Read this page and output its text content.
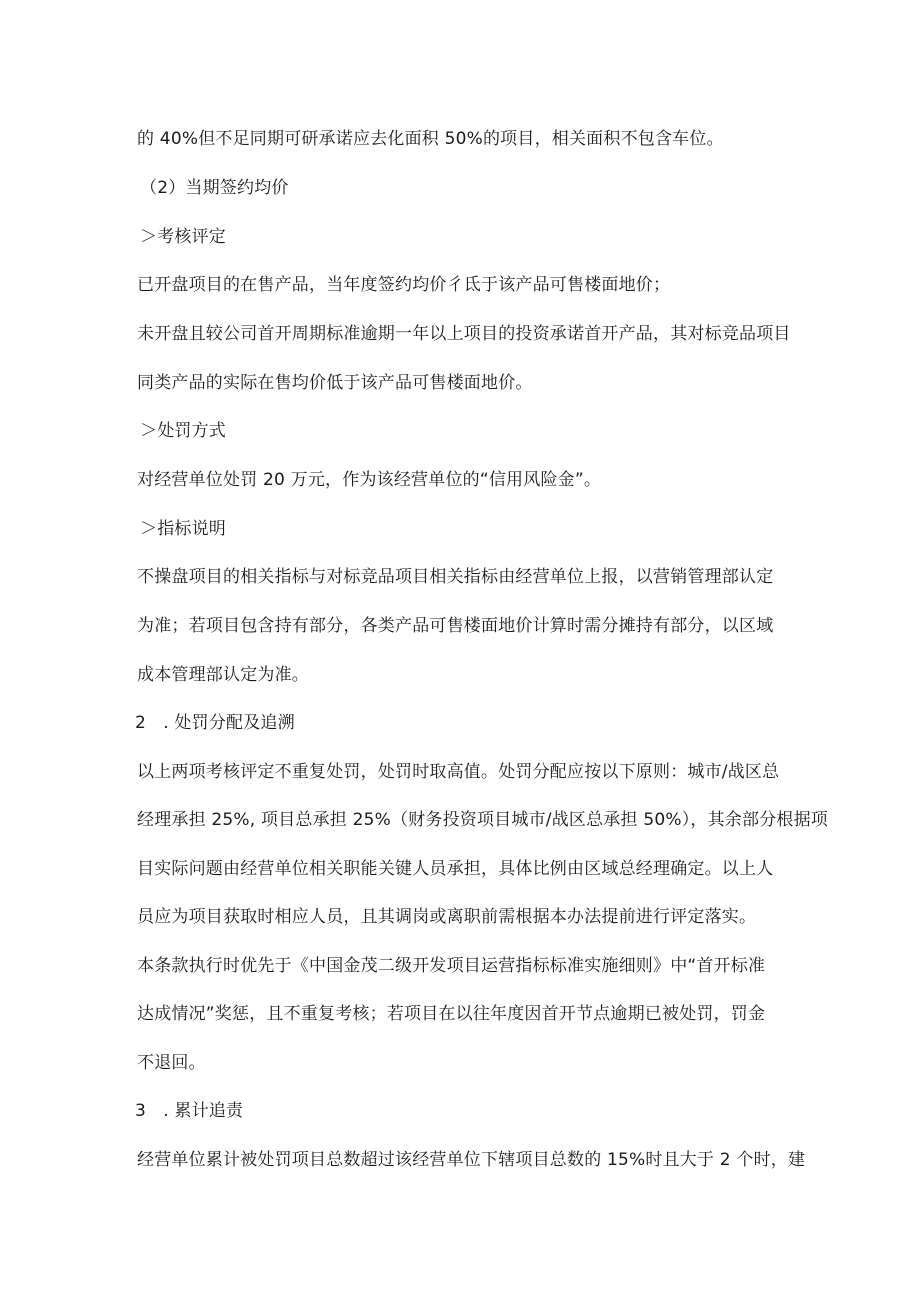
的 40%但不足同期可研承诺应去化面积 50%的项目，相关面积不包含车位。
（2）当期签约均价
＞考核评定
已开盘项目的在售产品，当年度签约均价彳氐于该产品可售楼面地价；
未开盘且较公司首开周期标准逾期一年以上项目的投资承诺首开产品，其对标竞品项目
同类产品的实际在售均价低于该产品可售楼面地价。
＞处罚方式
对经营单位处罚 20 万元，作为该经营单位的“信用风险金”。
＞指标说明
不操盘项目的相关指标与对标竞品项目相关指标由经营单位上报，以营销管理部认定
为准；若项目包含持有部分，各类产品可售楼面地价计算时需分摊持有部分，以区域
成本管理部认定为准。
2　. 处罚分配及追溯
以上两项考核评定不重复处罚，处罚时取高值。处罚分配应按以下原则：城市/战区总
经理承担 25%, 项目总承担 25%（财务投资项目城市/战区总承担 50%），其余部分根据项
目实际问题由经营单位相关职能关键人员承担，具体比例由区域总经理确定。以上人
员应为项目获取时相应人员，且其调岗或离职前需根据本办法提前进行评定落实。
本条款执行时优先于《中国金茂二级开发项目运营指标标准实施细则》中“首开标准
达成情况”奖惩，且不重复考核；若项目在以往年度因首开节点逾期已被处罚，罚金
不退回。
3　. 累计追责
经营单位累计被处罚项目总数超过该经营单位下辖项目总数的 15%时且大于 2 个时，建
